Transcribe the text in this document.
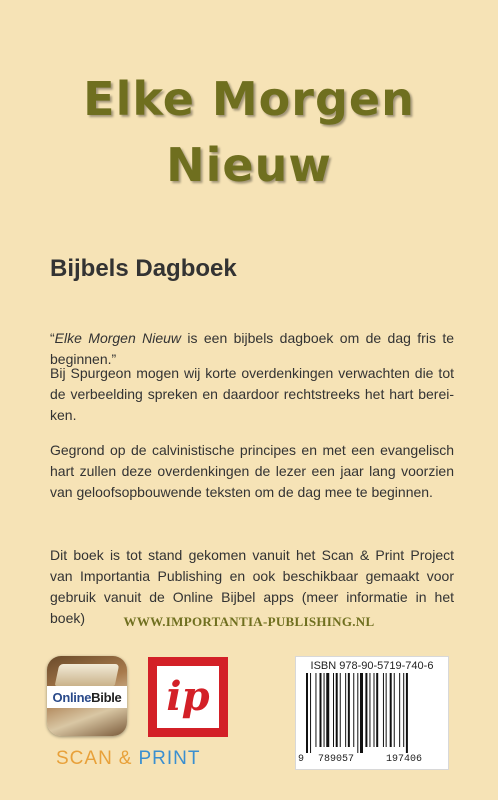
Elke Morgen
Nieuw
Bijbels Dagboek

“Elke Morgen Nieuw is een bijbels dagboek om de dag fris te beginnen.”

Bij Spurgeon mogen wij korte overdenkingen verwachten die tot de verbeelding spreken en daardoor rechtstreeks het hart berei-ken.

Gegrond op de calvinistische principes en met een evangelisch hart zullen deze overdenkingen de lezer een jaar lang voorzien van geloofsopbouwende teksten om de dag mee te beginnen.

Dit boek is tot stand gekomen vanuit het Scan & Print Project van Importantia Publishing en ook beschikbaar gemaakt voor gebruik vanuit de Online Bijbel apps (meer informatie in het boek)	WWW.IMPORTANTIA-PUBLISHING.NL
Online Bible ip
SCAN & PRINT
ISBN 978-90-5719-740-6
9 789057	197406
